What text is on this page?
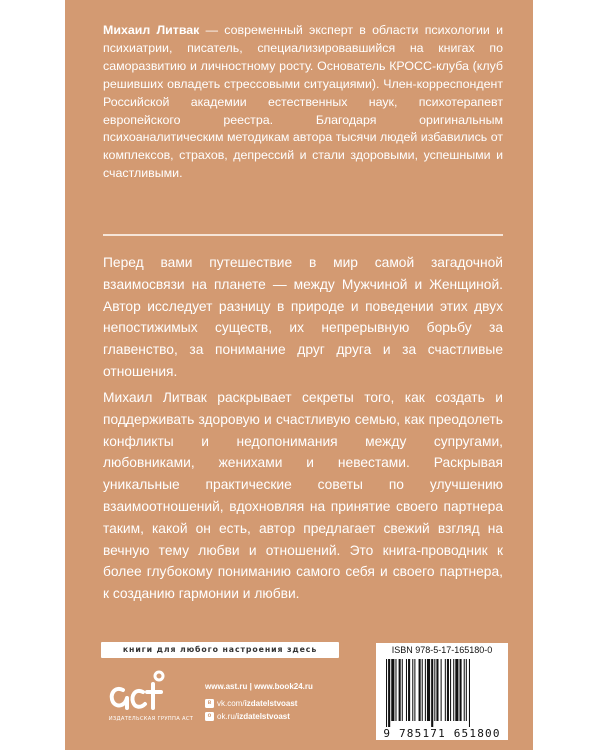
Михаил Литвак — современный эксперт в области психологии и психиатрии, писатель, специализировавшийся на книгах по саморазвитию и личностному росту. Основатель КРОСС-клуба (клуб решивших овладеть стрессовыми ситуациями). Член-корреспондент Российской академии естественных наук, психотерапевт европейского реестра. Благодаря оригинальным психоаналитическим методикам автора тысячи людей избавились от комплексов, страхов, депрессий и стали здоровыми, успешными и счастливыми.
Перед вами путешествие в мир самой загадочной взаимосвязи на планете — между Мужчиной и Женщиной. Автор исследует разницу в природе и поведении этих двух непостижимых существ, их непрерывную борьбу за главенство, за понимание друг друга и за счастливые отношения.
Михаил Литвак раскрывает секреты того, как создать и поддерживать здоровую и счастливую семью, как преодолеть конфликты и недопонимания между супругами, любовниками, женихами и невестами. Раскрывая уникальные практические советы по улучшению взаимоотношений, вдохновляя на принятие своего партнера таким, какой он есть, автор предлагает свежий взгляд на вечную тему любви и отношений. Это книга-проводник к более глубокому пониманию самого себя и своего партнера, к созданию гармонии и любви.
книги для любого настроения здесь
ИЗДАТЕЛЬСКАЯ ГРУППА АСТ
www.ast.ru | www.book24.ru
в vk.com/izdatelstvoast
о ok.ru/izdatelstvoast
ISBN 978-5-17-165180-0
9 785171 651800
